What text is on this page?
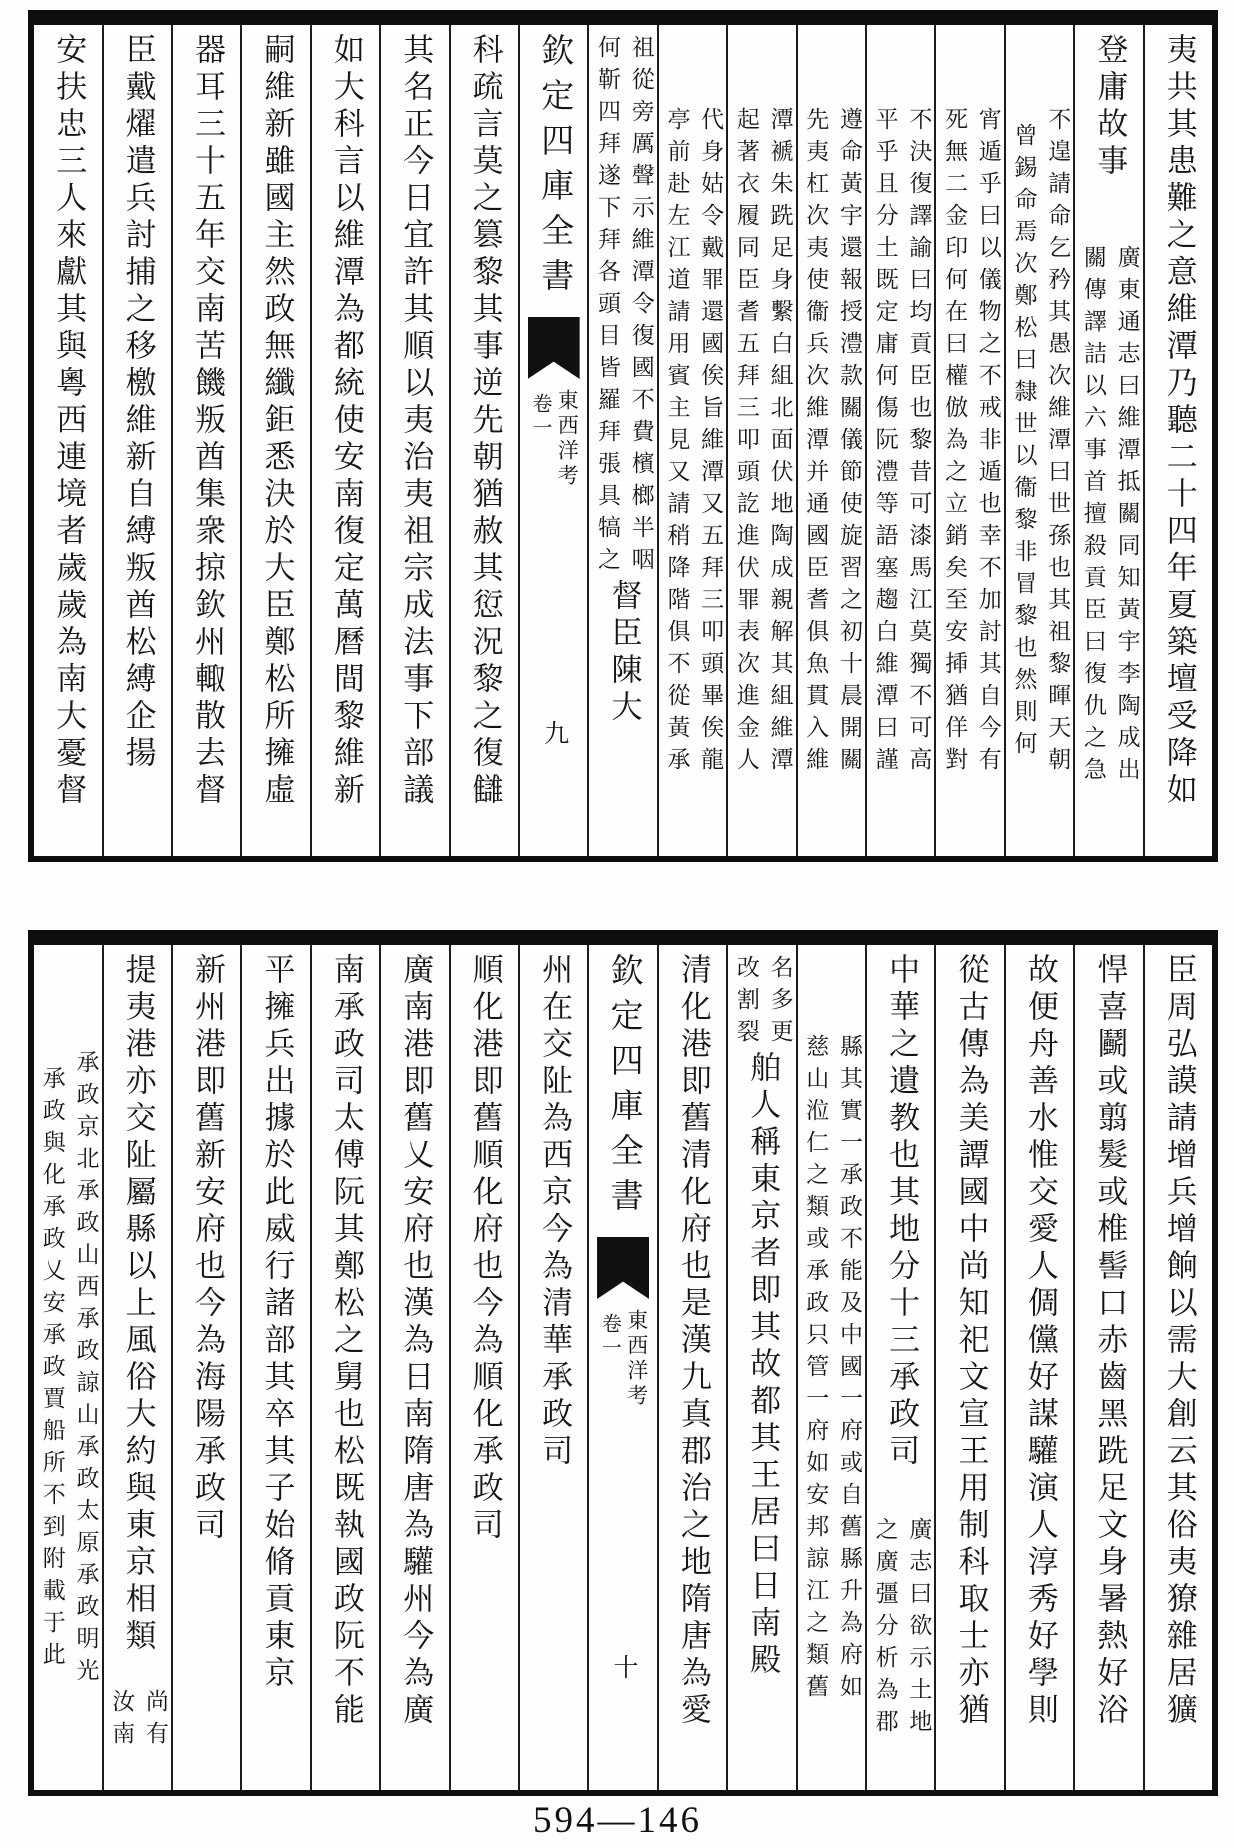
夷共其患難之意維潭乃聽二十四年夏築壇受降如
登庸故事
廣東通志曰維潭抵關同知黃宇李陶成出
關傳譯詰以六事首擅殺貢臣曰復仇之急
不遑請命乞矜其愚次維潭曰世孫也其祖黎暉天朝
曾錫命焉次鄭松曰隸世以衞黎非冒黎也然則何
宵遁乎曰以儀物之不戒非遁也幸不加討其自今有
死無二金印何在曰權倣為之立銷矣至安揷猶佯對
不決復譯諭曰均貢臣也黎昔可漆馬江莫獨不可高
平乎且分土既定庸何傷阮澧等語塞趨白維潭曰謹
遵命黃宇還報授澧款關儀節使旋習之初十晨開關
先夷杠次夷使衞兵次維潭并通國臣耆俱魚貫入維
潭褫朱跣足身繫白組北面伏地陶成親解其組維潭
起著衣履同臣耆五拜三叩頭訖進伏罪表次進金人
代身姑令戴罪還國俟旨維潭又五拜三叩頭畢俟龍
亭前赴左江道請用賓主見又請稍降階俱不從黃承
祖從旁厲聲示維潭令復國不費檳榔半咽
何靳四拜遂下拜各頭目皆羅拜張具犒之
督臣陳大
欽定四庫全書
東西洋考
卷一
九
科疏言莫之篡黎其事逆先朝猶赦其愆況黎之復讎
其名正今日宜許其順以夷治夷祖宗成法事下部議
如大科言以維潭為都統使安南復定萬曆間黎維新
嗣維新雖國主然政無纖鉅悉決於大臣鄭松所擁虛
器耳三十五年交南苦饑叛酋集衆掠欽州輙散去督
臣戴燿遣兵討捕之移檄維新自縛叛酋松縛企揚
安扶忠三人來獻其與粵西連境者歲歲為南大憂督
臣周弘謨請增兵增餉以需大創云其俗夷獠雜居獷
悍喜鬬或翦髮或椎髻口赤齒黑跣足文身暑熱好浴
故便舟善水惟交愛人倜儻好謀驩演人淳秀好學則
從古傳為美譚國中尚知祀文宣王用制科取士亦猶
中華之遺教也其地分十三承政司
廣志曰欲示土地
之廣彊分析為郡
縣其實一承政不能及中國一府或自舊縣升為府如
慈山涖仁之類或承政只管一府如安邦諒江之類舊
名多更
改割裂
舶人稱東京者即其故都其王居曰日南殿
清化港即舊清化府也是漢九真郡治之地隋唐為愛
欽定四庫全書
東西洋考
卷一
十
州在交阯為西京今為清華承政司
順化港即舊順化府也今為順化承政司
廣南港即舊乂安府也漢為日南隋唐為驩州今為廣
南承政司太傅阮其鄭松之舅也松既執國政阮不能
平擁兵出據於此威行諸部其卒其子始脩貢東京
新州港即舊新安府也今為海陽承政司
提夷港亦交阯屬縣以上風俗大約與東京相類
尚有
汝南
承政京北承政山西承政諒山承政太原承政明光
承政與化承政乂安承政賈船所不到附載于此
594—146
